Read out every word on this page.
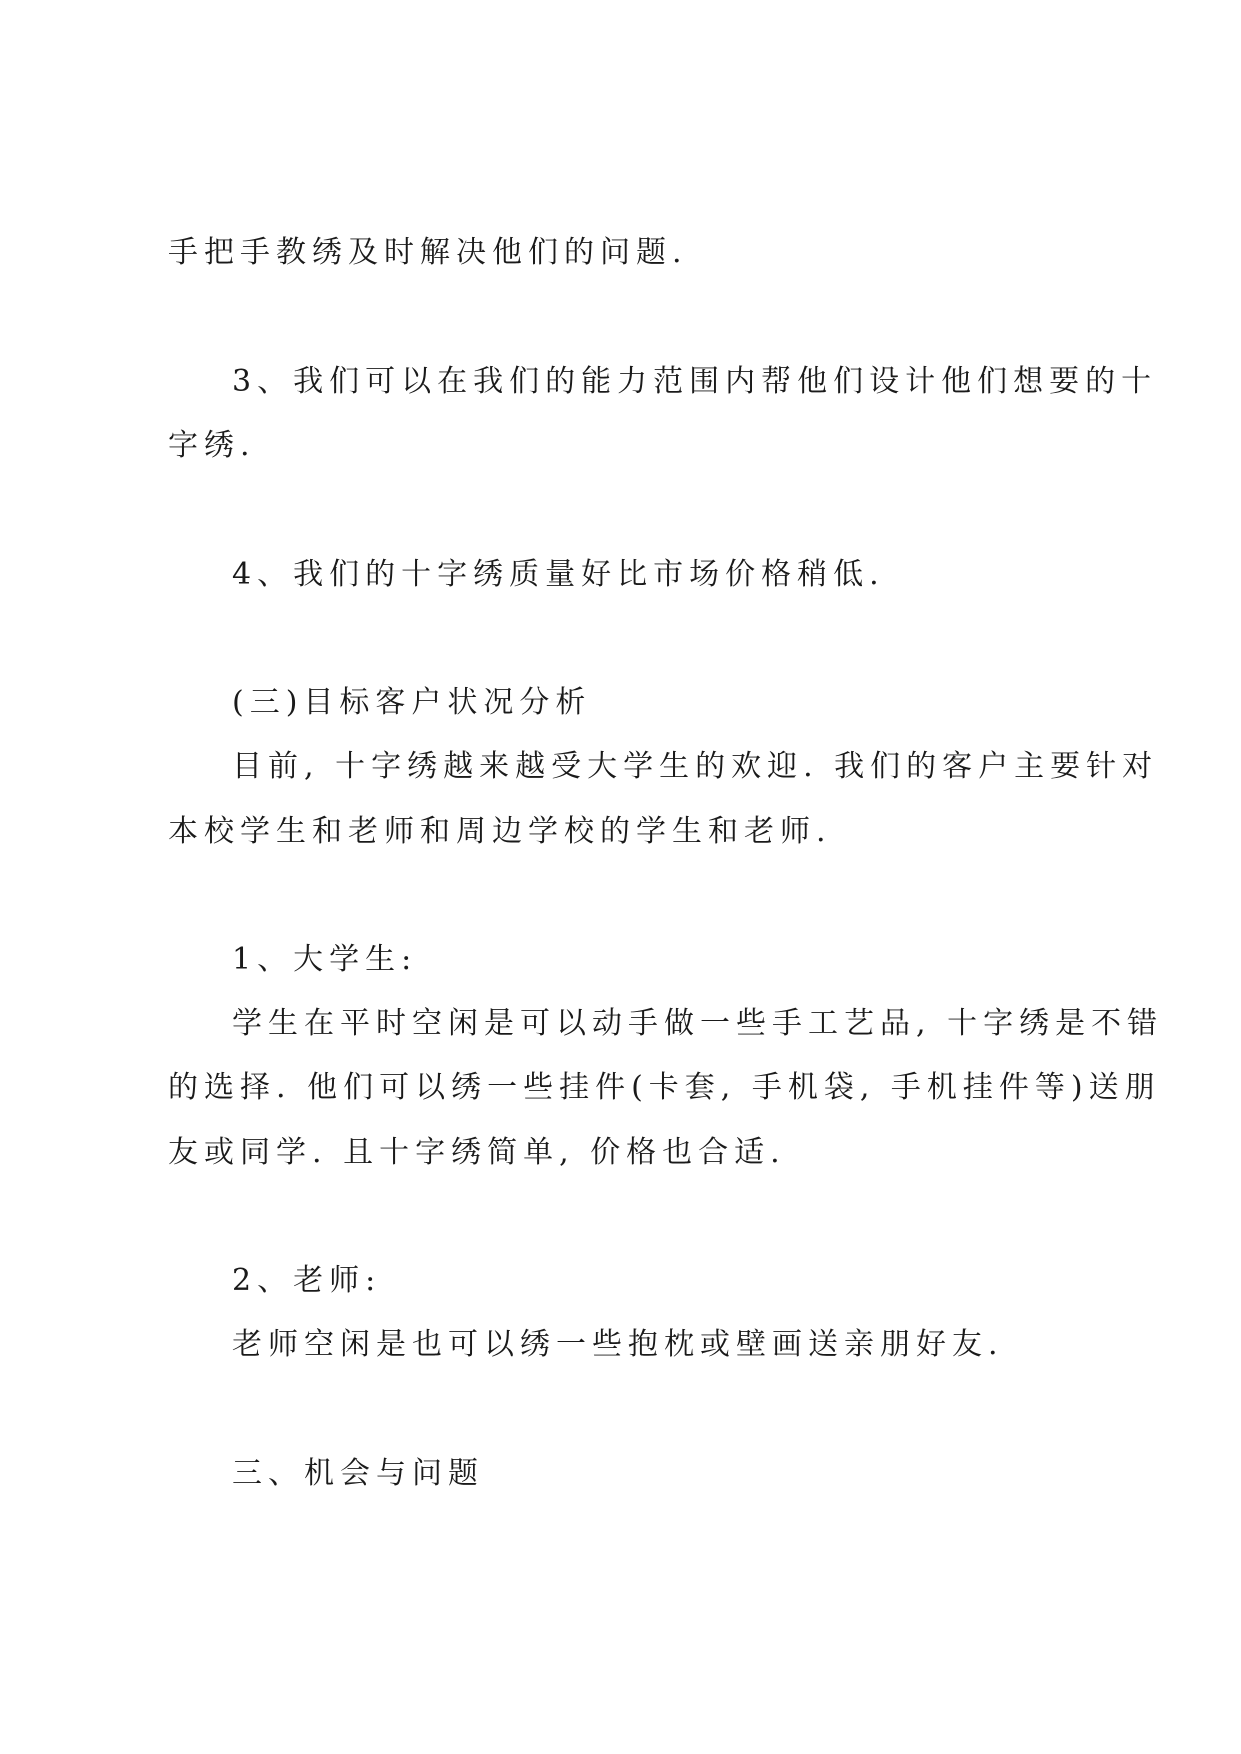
手把手教绣及时解决他们的问题.

3、我们可以在我们的能力范围内帮他们设计他们想要的十

字绣.

4、我们的十字绣质量好比市场价格稍低.

(三)目标客户状况分析

目前, 十字绣越来越受大学生的欢迎. 我们的客户主要针对

本校学生和老师和周边学校的学生和老师.

1、大学生:

学生在平时空闲是可以动手做一些手工艺品, 十字绣是不错

的选择. 他们可以绣一些挂件(卡套, 手机袋, 手机挂件等)送朋

友或同学. 且十字绣简单, 价格也合适.

2、老师:

老师空闲是也可以绣一些抱枕或壁画送亲朋好友.

三、机会与问题
